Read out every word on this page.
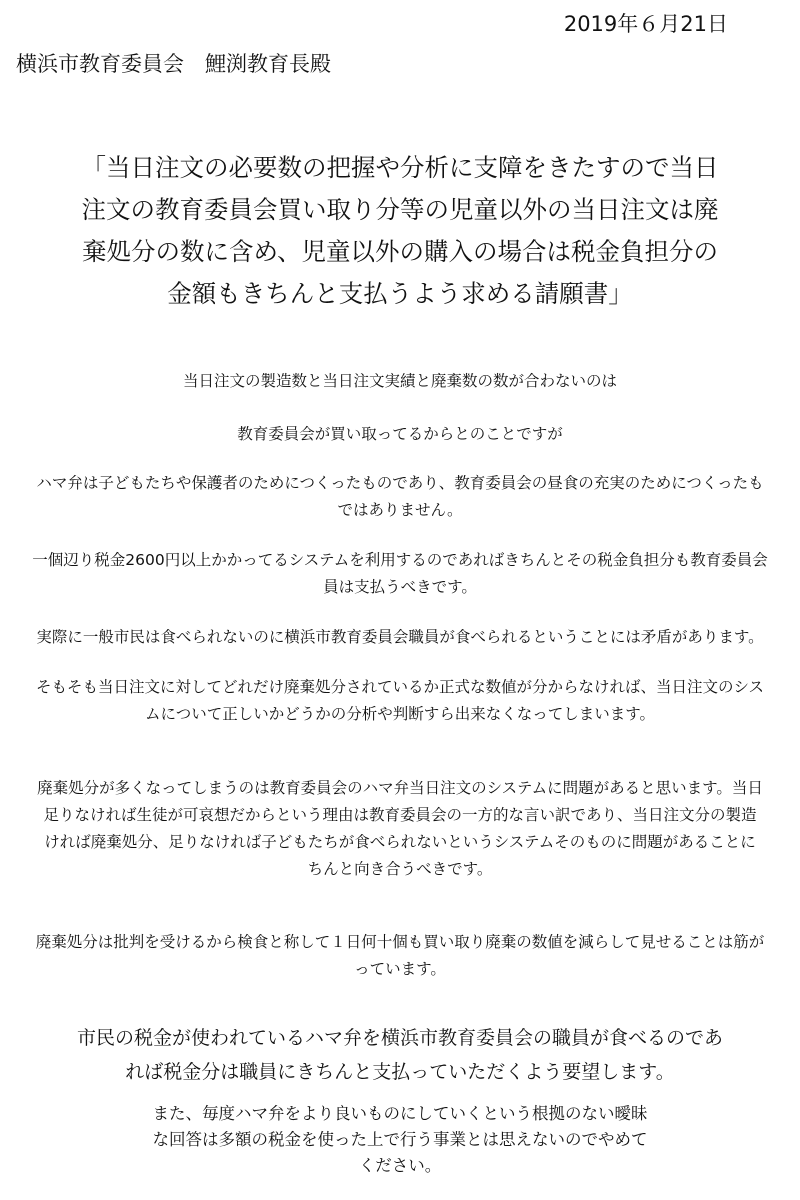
2019年６月21日
横浜市教育委員会　鯉渕教育長殿
「当日注文の必要数の把握や分析に支障をきたすので当日
注文の教育委員会買い取り分等の児童以外の当日注文は廃
棄処分の数に含め、児童以外の購入の場合は税金負担分の
金額もきちんと支払うよう求める請願書」
当日注文の製造数と当日注文実績と廃棄数の数が合わないのは
教育委員会が買い取ってるからとのことですが
ハマ弁は子どもたちや保護者のためにつくったものであり、教育委員会の昼食の充実のためにつくったも
ではありません。
一個辺り税金2600円以上かかってるシステムを利用するのであればきちんとその税金負担分も教育委員会
員は支払うべきです。
実際に一般市民は食べられないのに横浜市教育委員会職員が食べられるということには矛盾があります。
そもそも当日注文に対してどれだけ廃棄処分されているか正式な数値が分からなければ、当日注文のシス
ムについて正しいかどうかの分析や判断すら出来なくなってしまいます。
廃棄処分が多くなってしまうのは教育委員会のハマ弁当日注文のシステムに問題があると思います。当日
足りなければ生徒が可哀想だからという理由は教育委員会の一方的な言い訳であり、当日注文分の製造
ければ廃棄処分、足りなければ子どもたちが食べられないというシステムそのものに問題があることに
ちんと向き合うべきです。
廃棄処分は批判を受けるから検食と称して１日何十個も買い取り廃棄の数値を減らして見せることは筋が
っています。
市民の税金が使われているハマ弁を横浜市教育委員会の職員が食べるのであ
れば税金分は職員にきちんと支払っていただくよう要望します。
また、毎度ハマ弁をより良いものにしていくという根拠のない曖昧
な回答は多額の税金を使った上で行う事業とは思えないのでやめて
ください。
